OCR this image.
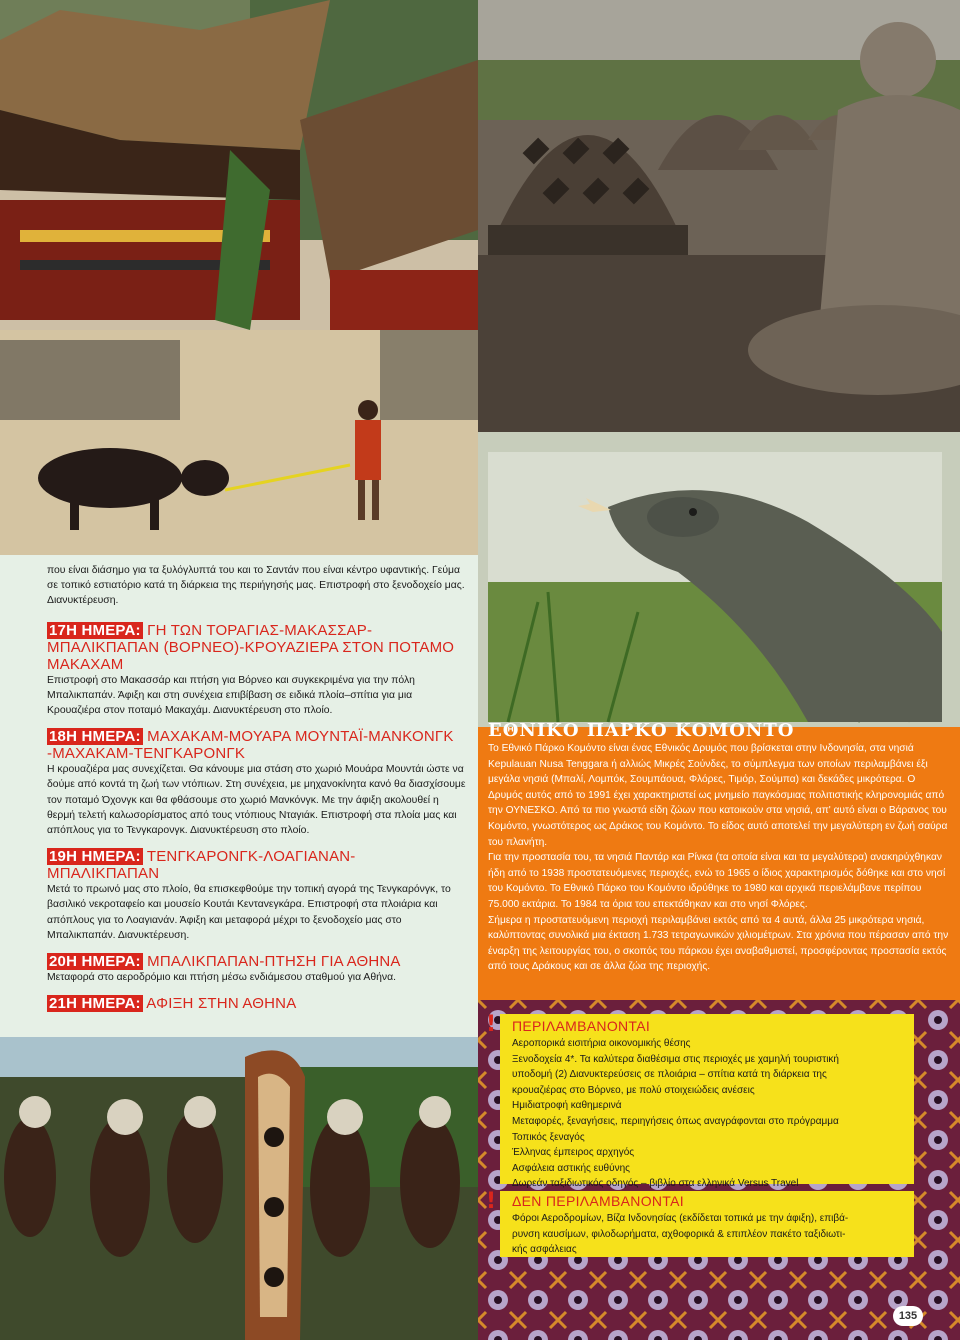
που είναι διάσημο για τα ξυλόγλυπτά του και το Σαντάν που είναι κέντρο υφαντικής. Γεύμα σε τοπικό εστιατόριο κατά τη διάρκεια της περιήγησής μας. Επιστροφή στο ξενοδοχείο μας. Διανυκτέρευση.

17Η ΗΜΕΡΑ: ΓΗ ΤΩΝ ΤΟΡΑΓΙΑΣ-ΜΑΚΑΣΣΑΡ-ΜΠΑΛΙΚΠΑΠΑΝ (ΒΟΡΝΕΟ)-ΚΡΟΥΑΖΙΕΡΑ ΣΤΟΝ ΠΟΤΑΜΟ ΜΑΚΑΧΑΜ

Επιστροφή στο Μακασσάρ και πτήση για Βόρνεο και συγκεκριμένα για την πόλη Μπαλικπαπάν. Άφιξη και στη συνέχεια επιβίβαση σε ειδικά πλοία–σπίτια για μια Κρουαζιέρα στον ποταμό Μακαχάμ. Διανυκτέρευση στο πλοίο.

18Η ΗΜΕΡΑ: ΜΑΧΑΚΑΜ-ΜΟΥΑΡΑ ΜΟΥΝΤΑΪ-ΜΑΝΚΟΝΓΚ -ΜΑΧΑΚΑΜ-ΤΕΝΓΚΑΡΟΝΓΚ

Η κρουαζιέρα μας συνεχίζεται. Θα κάνουμε μια στάση στο χωριό Μουάρα Μουντάι ώστε να δούμε από κοντά τη ζωή των ντόπιων. Στη συνέχεια, με μηχανοκίνητα κανό θα διασχίσουμε τον ποταμό Όχονγκ και θα φθάσουμε στο χωριό Μανκόνγκ. Με την άφιξη ακολουθεί η θερμή τελετή καλωσορίσματος από τους ντόπιους Νταγιάκ. Επιστροφή στα πλοία μας και απόπλους για το Τενγκαρονγκ. Διανυκτέρευση στο πλοίο.

19Η ΗΜΕΡΑ: ΤΕΝΓΚΑΡΟΝΓΚ-ΛΟΑΓΙΑΝΑΝ-ΜΠΑΛΙΚΠΑΠΑΝ

Μετά το πρωινό μας στο πλοίο, θα επισκεφθούμε την τοπική αγορά της Τενγκαρόνγκ, το βασιλικό νεκροταφείο και μουσείο Κουτάι Κενταvεγκάρα. Επιστροφή στα πλοιάρια και απόπλους για το Λοαγιανάν. Άφιξη και μεταφορά μέχρι το ξενοδοχείο μας στο Μπαλικπαπάν. Διανυκτέρευση.

20Η ΗΜΕΡΑ: ΜΠΑΛΙΚΠΑΠΑΝ-ΠΤΗΣΗ ΓΙΑ ΑΘΗΝΑ

Μεταφορά στο αεροδρόμιο και πτήση μέσω ενδιάμεσου σταθμού για Αθήνα.

21Η ΗΜΕΡΑ: ΑΦΙΞΗ ΣΤΗΝ ΑΘΗΝΑ
ΕΘΝΙΚΟ ΠΑΡΚΟ ΚΟΜΟΝΤΟ
Το Εθνικό Πάρκο Κομόντο είναι ένας Εθνικός Δρυμός που βρίσκεται στην Ινδονησία, στα νησιά Kepulauan Nusa Tenggara ή αλλιώς Μικρές Σούνδες, το σύμπλεγμα των οποίων περιλαμβάνει έξι μεγάλα νησιά (Μπαλί, Λομπόκ, Σουμπάουα, Φλόρες, Τιμόρ, Σούμπα) και δεκάδες μικρότερα. Ο Δρυμός αυτός από το 1991 έχει χαρακτηριστεί ως μνημείο παγκόσμιας πολιτιστικής κληρονομιάς από την ΟΥΝΕΣΚΟ. Από τα πιο γνωστά είδη ζώων που κατοικούν στα νησιά, απ' αυτό είναι ο Βάρανος του Κομόντο, γνωστότερος ως Δράκος του Κομόντο. Το είδος αυτό αποτελεί την μεγαλύτερη εν ζωή σαύρα του πλανήτη.
Για την προστασία του, τα νησιά Παντάρ και Ρίνκα (τα οποία είναι και τα μεγαλύτερα) ανακηρύχθηκαν ήδη από το 1938 προστατευόμενες περιοχές, ενώ το 1965 ο ίδιος χαρακτηρισμός δόθηκε και στο νησί του Κομόντο. Το Εθνικό Πάρκο του Κομόντο ιδρύθηκε το 1980 και αρχικά περιελάμβανε περίπου 75.000 εκτάρια. Το 1984 τα όρια του επεκτάθηκαν και στο νησί Φλόρες.
Σήμερα η προστατευόμενη περιοχή περιλαμβάνει εκτός από τα 4 αυτά, άλλα 25 μικρότερα νησιά, καλύπτοντας συνολικά μια έκταση 1.733 τετραγωνικών χιλιομέτρων. Στα χρόνια που πέρασαν από την έναρξη της λειτουργίας του, ο σκοπός του πάρκου έχει αναβαθμιστεί, προσφέροντας προστασία εκτός από τους Δράκους και σε άλλα ζώα της περιοχής.
! ΠΕΡΙΛΑΜΒΑΝΟΝΤΑΙ
Αεροπορικά εισιτήρια οικονομικής θέσης
Ξενοδοχεία 4*. Τα καλύτερα διαθέσιμα στις περιοχές με χαμηλή τουριστική
υποδομή (2) Διανυκτερεύσεις σε πλοιάρια – σπίτια κατά τη διάρκεια της
κρουαζιέρας στο Βόρνεο, με πολύ στοιχειώδεις ανέσεις
Ημιδιατροφή καθημερινά
Μεταφορές, ξεναγήσεις, περιηγήσεις όπως αναγράφονται στο πρόγραμμα
Τοπικός ξεναγός
Έλληνας έμπειρος αρχηγός
Ασφάλεια αστικής ευθύνης
Δωρεάν ταξιδιωτικός οδηγός – βιβλίο στα ελληνικά Versus Travel
! ΔΕΝ ΠΕΡΙΛΑΜΒΑΝΟΝΤΑΙ
Φόροι Αεροδρομίων, Βίζα Ινδονησίας (εκδίδεται τοπικά με την άφιξη), επιβά-
ρυνση καυσίμων, φιλοδωρήματα, αχθοφορικά & επιπλέον πακέτο ταξιδιωτι-
κής ασφάλειας
135
